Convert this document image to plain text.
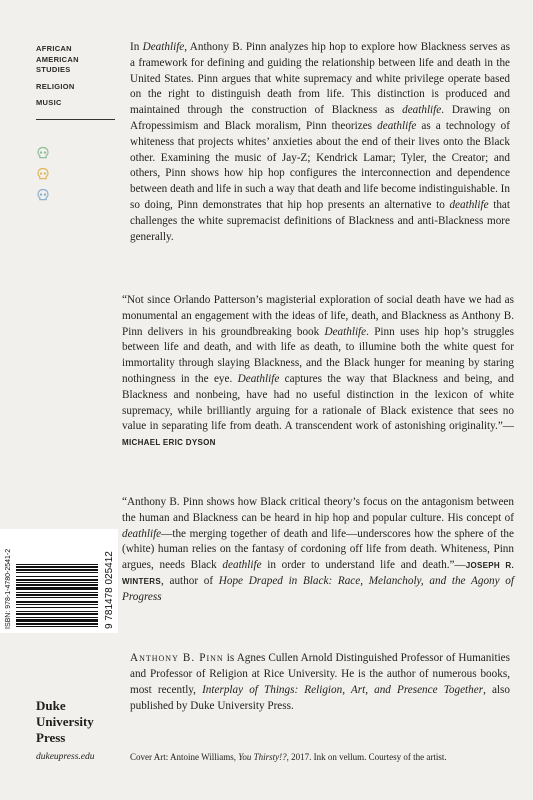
AFRICAN
AMERICAN
STUDIES
RELIGION
MUSIC
ISBN: 978-1-4780-2541-2	9 781478 025412
Duke
University
Press
dukeupress.edu

In Deathlife, Anthony B. Pinn analyzes hip hop to explore how Blackness serves as a framework for defining and guiding the relationship between life and death in the United States. Pinn argues that white supremacy and white privilege operate based on the right to distinguish death from life. This distinction is produced and maintained through the construction of Blackness as deathlife. Drawing on Afropessimism and Black moralism, Pinn theorizes deathlife as a technology of whiteness that projects whites’ anxieties about the end of their lives onto the Black other. Examining the music of Jay-Z; Kendrick Lamar; Tyler, the Creator; and others, Pinn shows how hip hop configures the interconnection and dependence between death and life in such a way that death and life become indistinguishable. In so doing, Pinn demonstrates that hip hop presents an alternative to deathlife that challenges the white supremacist definitions of Blackness and anti-Blackness more generally.

“Not since Orlando Patterson’s magisterial exploration of social death have we had as monumental an engagement with the ideas of life, death, and Blackness as Anthony B. Pinn delivers in his groundbreaking book Deathlife. Pinn uses hip hop’s struggles between life and death, and with life as death, to illumine both the white quest for immortality through slaying Blackness, and the Black hunger for meaning by staring nothingness in the eye. Deathlife captures the way that Blackness and being, and Blackness and nonbeing, have had no useful distinction in the lexicon of white supremacy, while brilliantly arguing for a rationale of Black existence that sees no value in separating life from death. A transcendent work of astonishing originality.”—MICHAEL ERIC DYSON

“Anthony B. Pinn shows how Black critical theory’s focus on the antagonism between the human and Blackness can be heard in hip hop and popular culture. His concept of deathlife—the merging together of death and life—underscores how the sphere of the (white) human relies on the fantasy of cordoning off life from death. Whiteness, Pinn argues, needs Black deathlife in order to understand life and death.”—JOSEPH R. WINTERS, author of Hope Draped in Black: Race, Melancholy, and the Agony of Progress

Anthony B. Pinn is Agnes Cullen Arnold Distinguished Professor of Humanities and Professor of Religion at Rice University. He is the author of numerous books, most recently, Interplay of Things: Religion, Art, and Presence Together, also published by Duke University Press.

Cover Art: Antoine Williams, You Thirsty!?, 2017. Ink on vellum. Courtesy of the artist.
